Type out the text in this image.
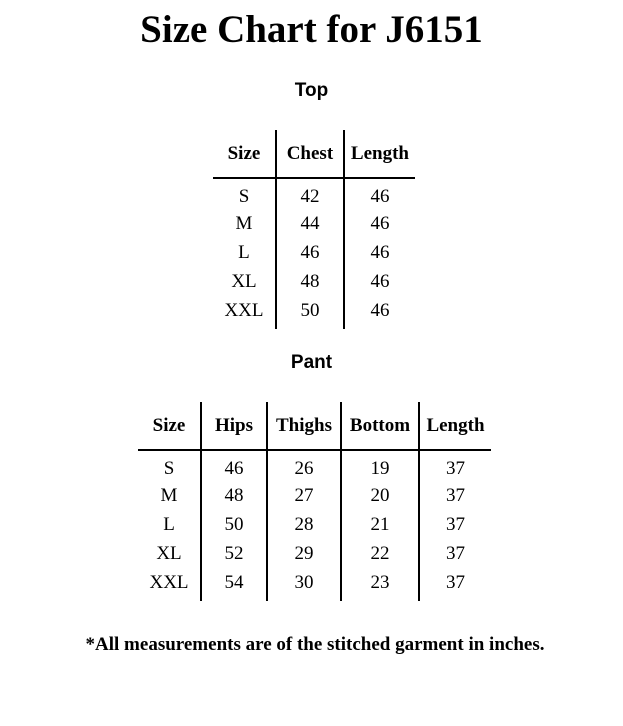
Size Chart for J6151
Top
Size	Chest	Length
S	42	46
M	44	46
L	46	46
XL	48	46
XXL	50	46
Pant
Size	Hips	Thighs	Bottom	Length
S	46	26	19	37
M	48	27	20	37
L	50	28	21	37
XL	52	29	22	37
XXL	54	30	23	37
*All measurements are of the stitched garment in inches.
